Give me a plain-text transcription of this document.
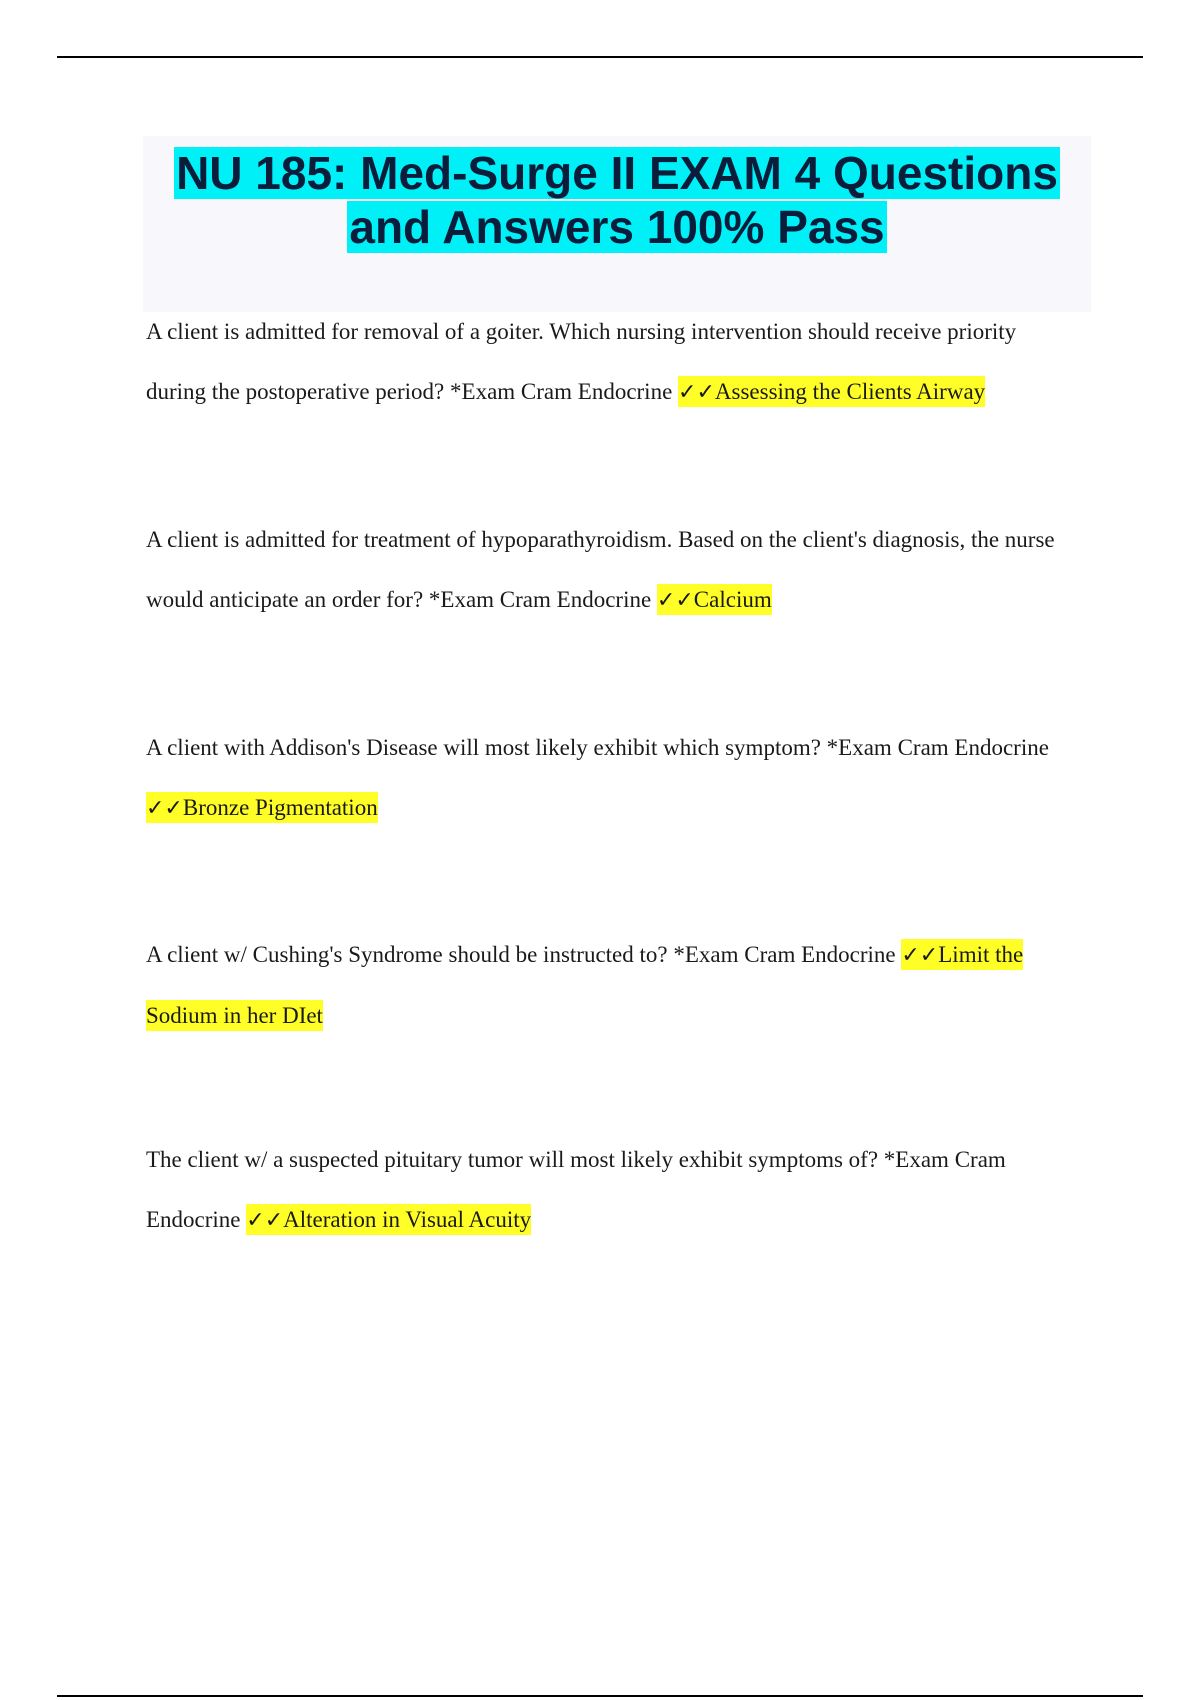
NU 185: Med-Surge II EXAM 4 Questions and Answers 100% Pass

A client is admitted for removal of a goiter. Which nursing intervention should receive priority during the postoperative period? *Exam Cram Endocrine ✓✓Assessing the Clients Airway

A client is admitted for treatment of hypoparathyroidism. Based on the client's diagnosis, the nurse would anticipate an order for? *Exam Cram Endocrine ✓✓Calcium

A client with Addison's Disease will most likely exhibit which symptom? *Exam Cram Endocrine ✓✓Bronze Pigmentation

A client w/ Cushing's Syndrome should be instructed to? *Exam Cram Endocrine ✓✓Limit the Sodium in her DIet

The client w/ a suspected pituitary tumor will most likely exhibit symptoms of? *Exam Cram Endocrine ✓✓Alteration in Visual Acuity
